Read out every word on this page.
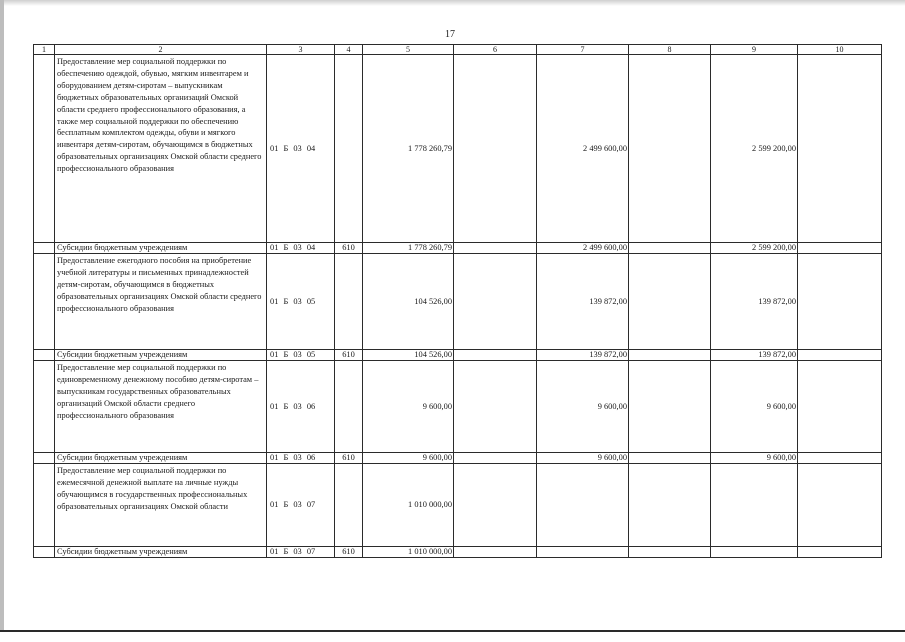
17
1	2	3	4	5	6	7	8	9	10
	Предоставление мер социальной поддержки по обеспечению одеждой, обувью, мягким инвентарем и оборудованием детям-сиротам – выпускникам бюджетных образовательных организаций Омской области среднего профессионального образования, а также мер социальной поддержки по обеспечению бесплатным комплектом одежды, обуви и мягкого инвентаря детям-сиротам, обучающимся в бюджетных образовательных организациях Омской области среднего профессионального образования	01 Б 03 04		1 778 260,79		2 499 600,00		2 599 200,00	
	Субсидии бюджетным учреждениям	01 Б 03 04	610	1 778 260,79		2 499 600,00		2 599 200,00	
	Предоставление ежегодного пособия на приобретение учебной литературы и письменных принадлежностей детям-сиротам, обучающимся в бюджетных образовательных организациях Омской области среднего профессионального образования	01 Б 03 05		104 526,00		139 872,00		139 872,00	
	Субсидии бюджетным учреждениям	01 Б 03 05	610	104 526,00		139 872,00		139 872,00	
	Предоставление мер социальной поддержки по единовременному денежному пособию детям-сиротам – выпускникам государственных образовательных организаций Омской области среднего профессионального образования	01 Б 03 06		9 600,00		9 600,00		9 600,00	
	Субсидии бюджетным учреждениям	01 Б 03 06	610	9 600,00		9 600,00		9 600,00	
	Предоставление мер социальной поддержки по ежемесячной денежной выплате на личные нужды обучающимся в государственных профессиональных образовательных организациях Омской области	01 Б 03 07		1 010 000,00					
	Субсидии бюджетным учреждениям	01 Б 03 07	610	1 010 000,00					
